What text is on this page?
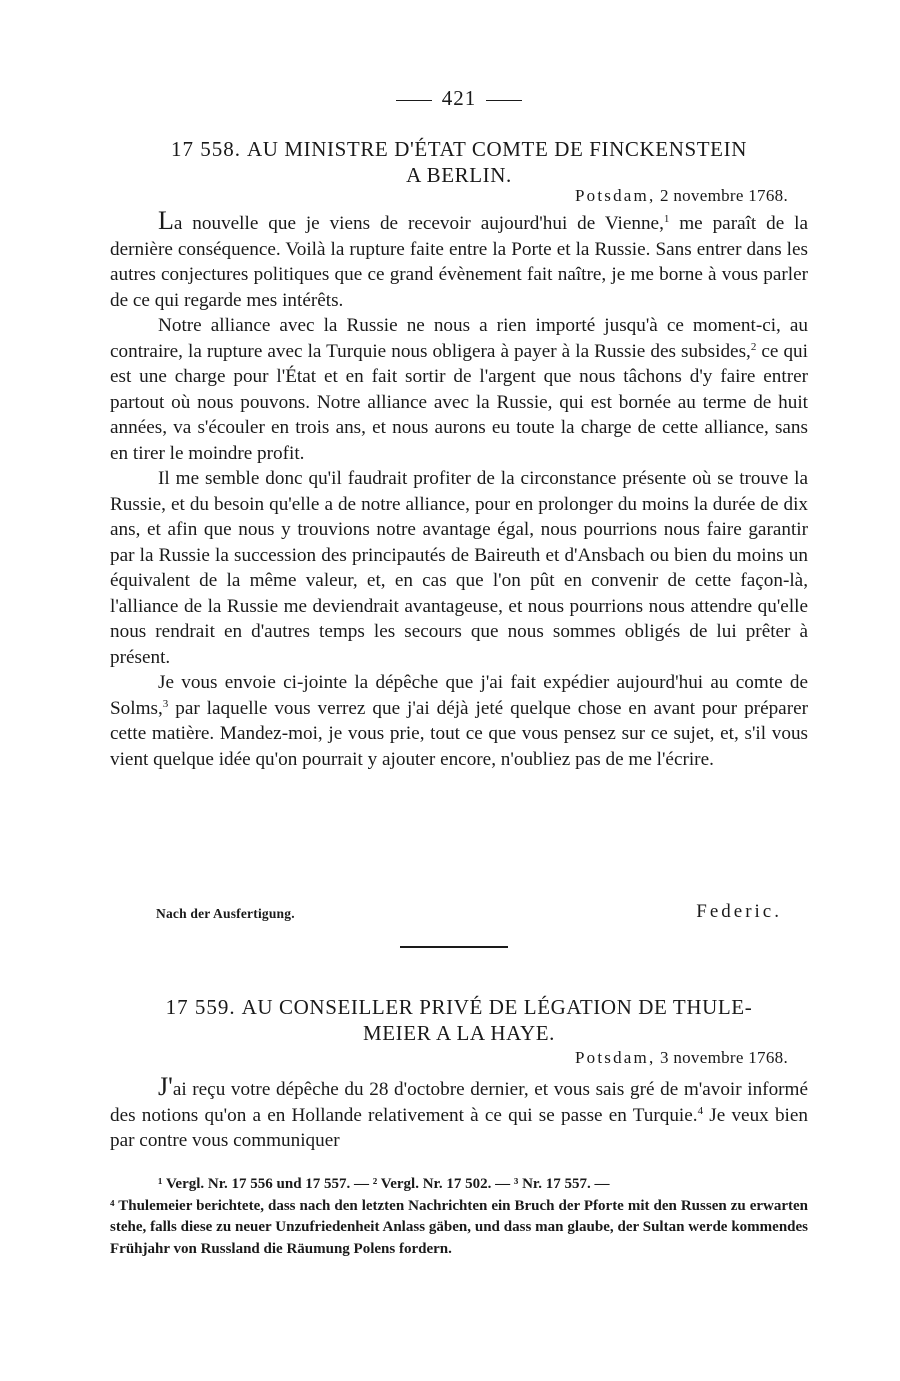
421
17 558. AU MINISTRE D'ÉTAT COMTE DE FINCKENSTEIN
A BERLIN.
Potsdam, 2 novembre 1768.

La nouvelle que je viens de recevoir aujourd'hui de Vienne,$^1$ me paraît de la dernière conséquence. Voilà la rupture faite entre la Porte et la Russie. Sans entrer dans les autres conjectures politiques que ce grand évènement fait naître, je me borne à vous parler de ce qui regarde mes intérêts.

Notre alliance avec la Russie ne nous a rien importé jusqu'à ce moment-ci, au contraire, la rupture avec la Turquie nous obligera à payer à la Russie des subsides,$^2$ ce qui est une charge pour l'État et en fait sortir de l'argent que nous tâchons d'y faire entrer partout où nous pouvons. Notre alliance avec la Russie, qui est bornée au terme de huit années, va s'écouler en trois ans, et nous aurons eu toute la charge de cette alliance, sans en tirer le moindre profit.

Il me semble donc qu'il faudrait profiter de la circonstance présente où se trouve la Russie, et du besoin qu'elle a de notre alliance, pour en prolonger du moins la durée de dix ans, et afin que nous y trouvions notre avantage égal, nous pourrions nous faire garantir par la Russie la succession des principautés de Baireuth et d'Ansbach ou bien du moins un équivalent de la même valeur, et, en cas que l'on pût en convenir de cette façon-là, l'alliance de la Russie me deviendrait avantageuse, et nous pourrions nous attendre qu'elle nous rendrait en d'autres temps les secours que nous sommes obligés de lui prêter à présent.

Je vous envoie ci-jointe la dépêche que j'ai fait expédier aujourd'hui au comte de Solms,$^3$ par laquelle vous verrez que j'ai déjà jeté quelque chose en avant pour préparer cette matière. Mandez-moi, je vous prie, tout ce que vous pensez sur ce sujet, et, s'il vous vient quelque idée qu'on pourrait y ajouter encore, n'oubliez pas de me l'écrire.

Nach der Ausfertigung.	Federic.
17 559. AU CONSEILLER PRIVÉ DE LÉGATION DE THULE-
MEIER A LA HAYE.
Potsdam, 3 novembre 1768.

J'ai reçu votre dépêche du 28 d'octobre dernier, et vous sais gré de m'avoir informé des notions qu'on a en Hollande relativement à ce qui se passe en Turquie.$^4$ Je veux bien par contre vous communiquer

¹ Vergl. Nr. 17 556 und 17 557. — ² Vergl. Nr. 17 502. — ³ Nr. 17 557. —

⁴ Thulemeier berichtete, dass nach den letzten Nachrichten ein Bruch der Pforte mit den Russen zu erwarten stehe, falls diese zu neuer Unzufriedenheit Anlass gäben, und dass man glaube, der Sultan werde kommendes Frühjahr von Russland die Räumung Polens fordern.
